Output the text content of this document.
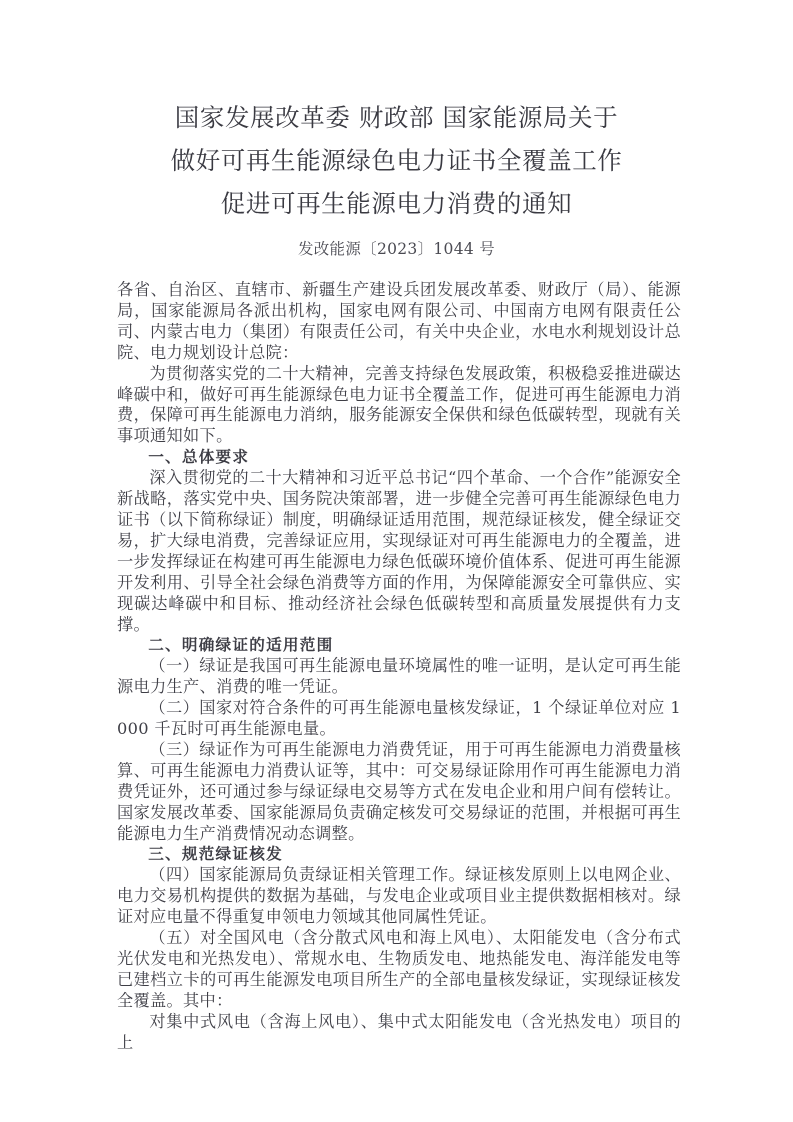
国家发展改革委 财政部 国家能源局关于
做好可再生能源绿色电力证书全覆盖工作
促进可再生能源电力消费的通知
发改能源〔2023〕1044 号

各省、自治区、直辖市、新疆生产建设兵团发展改革委、财政厅（局）、能源局，国家能源局各派出机构，国家电网有限公司、中国南方电网有限责任公司、内蒙古电力（集团）有限责任公司，有关中央企业，水电水利规划设计总院、电力规划设计总院：

为贯彻落实党的二十大精神，完善支持绿色发展政策，积极稳妥推进碳达峰碳中和，做好可再生能源绿色电力证书全覆盖工作，促进可再生能源电力消费，保障可再生能源电力消纳，服务能源安全保供和绿色低碳转型，现就有关事项通知如下。

一、总体要求

深入贯彻党的二十大精神和习近平总书记“四个革命、一个合作”能源安全新战略，落实党中央、国务院决策部署，进一步健全完善可再生能源绿色电力证书（以下简称绿证）制度，明确绿证适用范围，规范绿证核发，健全绿证交易，扩大绿电消费，完善绿证应用，实现绿证对可再生能源电力的全覆盖，进一步发挥绿证在构建可再生能源电力绿色低碳环境价值体系、促进可再生能源开发利用、引导全社会绿色消费等方面的作用，为保障能源安全可靠供应、实现碳达峰碳中和目标、推动经济社会绿色低碳转型和高质量发展提供有力支撑。

二、明确绿证的适用范围

（一）绿证是我国可再生能源电量环境属性的唯一证明，是认定可再生能源电力生产、消费的唯一凭证。

（二）国家对符合条件的可再生能源电量核发绿证，1 个绿证单位对应 1000 千瓦时可再生能源电量。

（三）绿证作为可再生能源电力消费凭证，用于可再生能源电力消费量核算、可再生能源电力消费认证等，其中：可交易绿证除用作可再生能源电力消费凭证外，还可通过参与绿证绿电交易等方式在发电企业和用户间有偿转让。国家发展改革委、国家能源局负责确定核发可交易绿证的范围，并根据可再生能源电力生产消费情况动态调整。

三、规范绿证核发

（四）国家能源局负责绿证相关管理工作。绿证核发原则上以电网企业、电力交易机构提供的数据为基础，与发电企业或项目业主提供数据相核对。绿证对应电量不得重复申领电力领域其他同属性凭证。

（五）对全国风电（含分散式风电和海上风电）、太阳能发电（含分布式光伏发电和光热发电）、常规水电、生物质发电、地热能发电、海洋能发电等已建档立卡的可再生能源发电项目所生产的全部电量核发绿证，实现绿证核发全覆盖。其中：

对集中式风电（含海上风电）、集中式太阳能发电（含光热发电）项目的上
